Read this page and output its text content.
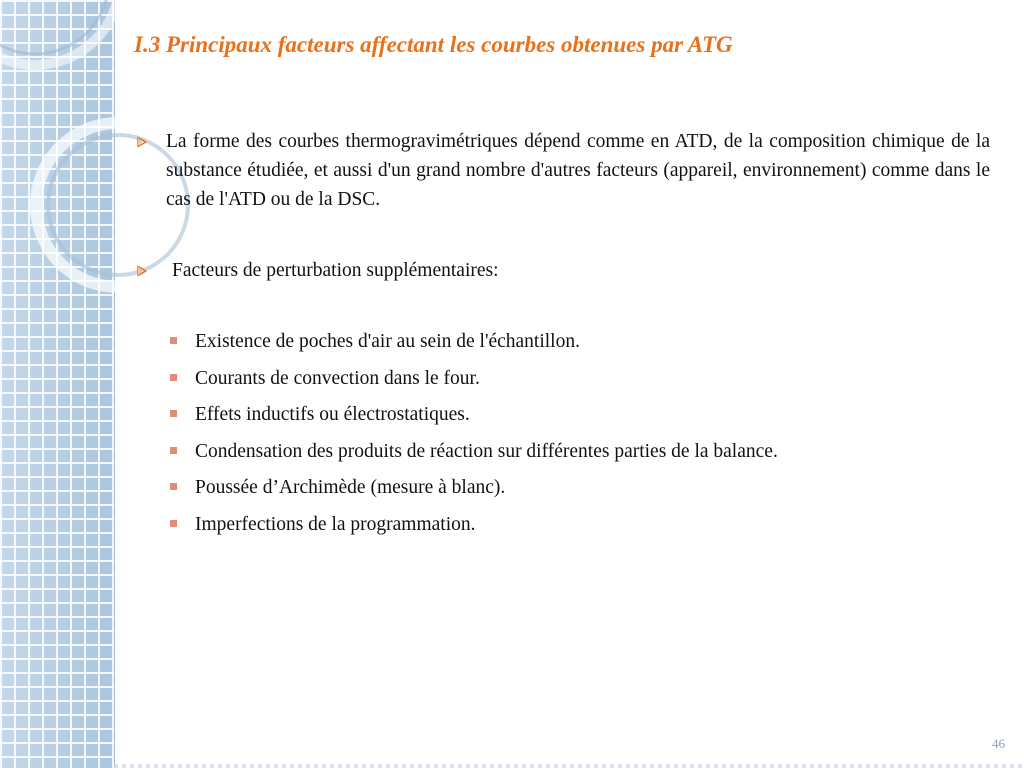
I.3 Principaux facteurs affectant les courbes obtenues par ATG
La forme des courbes thermogravimétriques dépend comme en ATD, de la composition chimique de la substance étudiée, et aussi d'un grand nombre d'autres facteurs (appareil, environnement) comme dans le cas de l'ATD ou de la DSC.
Facteurs de perturbation supplémentaires:
Existence de poches d'air au sein de l'échantillon.
Courants de convection dans le four.
Effets inductifs ou électrostatiques.
Condensation des produits de réaction sur différentes parties de la balance.
Poussée d’Archimède (mesure à blanc).
Imperfections de la programmation.
46
